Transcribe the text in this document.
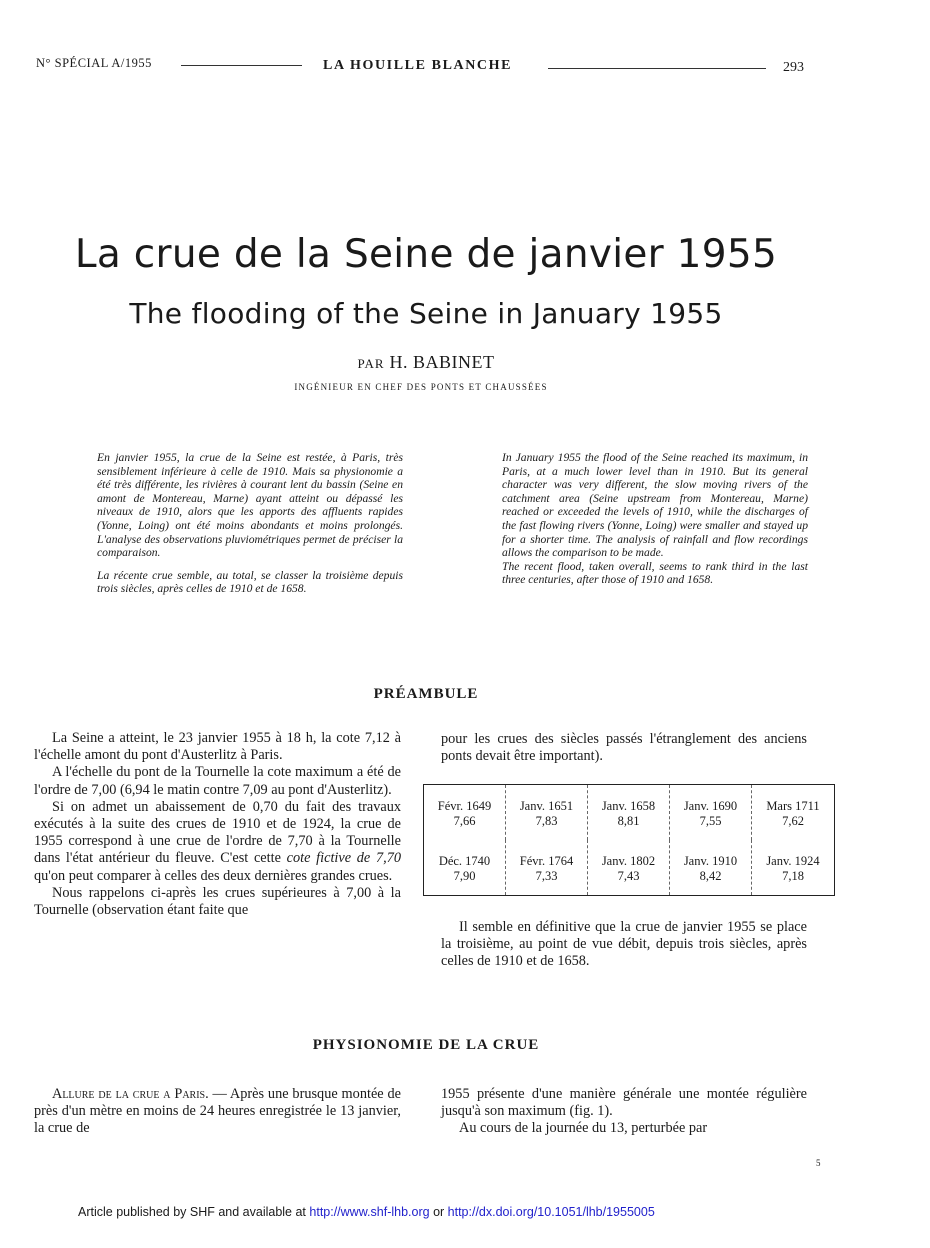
N° SPÉCIAL A/1955	LA HOUILLE BLANCHE	293
La crue de la Seine de janvier 1955
The flooding of the Seine in January 1955
PAR H. BABINET
INGÉNIEUR EN CHEF DES PONTS ET CHAUSSÉES

En janvier 1955, la crue de la Seine est restée, à Paris, très sensiblement inférieure à celle de 1910. Mais sa physionomie a été très différente, les rivières à courant lent du bassin (Seine en amont de Montereau, Marne) ayant atteint ou dépassé les niveaux de 1910, alors que les apports des affluents rapides (Yonne, Loing) ont été moins abondants et moins prolongés. L'analyse des observations pluviométriques permet de préciser la comparaison.

La récente crue semble, au total, se classer la troisième depuis trois siècles, après celles de 1910 et de 1658.

In January 1955 the flood of the Seine reached its maximum, in Paris, at a much lower level than in 1910. But its general character was very different, the slow moving rivers of the catchment area (Seine upstream from Montereau, Marne) reached or exceeded the levels of 1910, while the discharges of the fast flowing rivers (Yonne, Loing) were smaller and stayed up for a shorter time. The analysis of rainfall and flow recordings allows the comparison to be made.

The recent flood, taken overall, seems to rank third in the last three centuries, after those of 1910 and 1658.

PRÉAMBULE

La Seine a atteint, le 23 janvier 1955 à 18 h, la cote 7,12 à l'échelle amont du pont d'Austerlitz à Paris.

A l'échelle du pont de la Tournelle la cote maximum a été de l'ordre de 7,00 (6,94 le matin contre 7,09 au pont d'Austerlitz).

Si on admet un abaissement de 0,70 du fait des travaux exécutés à la suite des crues de 1910 et de 1924, la crue de 1955 correspond à une crue de l'ordre de 7,70 à la Tournelle dans l'état antérieur du fleuve. C'est cette cote fictive de 7,70 qu'on peut comparer à celles des deux dernières grandes crues.

Nous rappelons ci-après les crues supérieures à 7,00 à la Tournelle (observation étant faite que

pour les crues des siècles passés l'étranglement des anciens ponts devait être important).

Févr. 1649
7,66
Janv. 1651
7,83
Janv. 1658
8,81
Janv. 1690
7,55
Mars 1711
7,62
Déc. 1740
7,90
Févr. 1764
7,33
Janv. 1802
7,43
Janv. 1910
8,42
Janv. 1924
7,18

Il semble en définitive que la crue de janvier 1955 se place la troisième, au point de vue débit, depuis trois siècles, après celles de 1910 et de 1658.

PHYSIONOMIE DE LA CRUE

Allure de la crue a Paris. — Après une brusque montée de près d'un mètre en moins de 24 heures enregistrée le 13 janvier, la crue de

1955 présente d'une manière générale une montée régulière jusqu'à son maximum (fig. 1).

Au cours de la journée du 13, perturbée par

5
Article published by SHF and available at http://www.shf-lhb.org or http://dx.doi.org/10.1051/lhb/1955005
